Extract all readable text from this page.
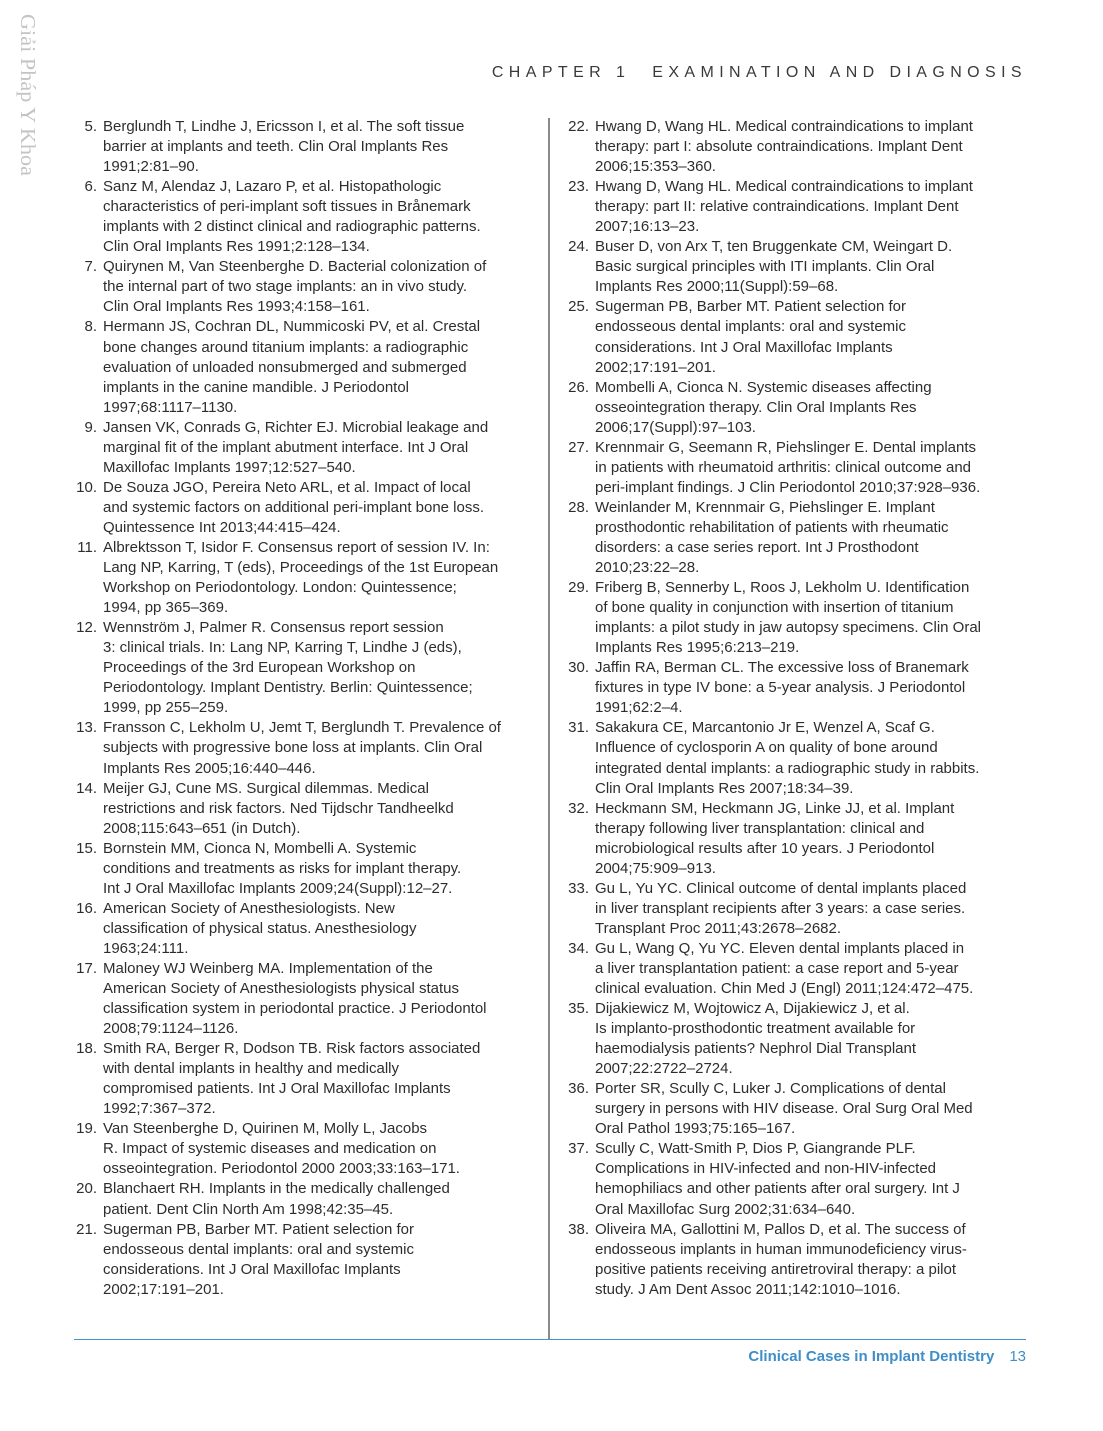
Giải Pháp Y Khoa	CHAPTER 1 EXAMINATION AND DIAGNOSIS
5. Berglundh T, Lindhe J, Ericsson I, et al. The soft tissue
barrier at implants and teeth. Clin Oral Implants Res
1991;2:81–90.
6. Sanz M, Alendaz J, Lazaro P, et al. Histopathologic
characteristics of peri-implant soft tissues in Brånemark
implants with 2 distinct clinical and radiographic patterns.
Clin Oral Implants Res 1991;2:128–134.
7. Quirynen M, Van Steenberghe D. Bacterial colonization of
the internal part of two stage implants: an in vivo study.
Clin Oral Implants Res 1993;4:158–161.
8. Hermann JS, Cochran DL, Nummicoski PV, et al. Crestal
bone changes around titanium implants: a radiographic
evaluation of unloaded nonsubmerged and submerged
implants in the canine mandible. J Periodontol
1997;68:1117–1130.
9. Jansen VK, Conrads G, Richter EJ. Microbial leakage and
marginal fit of the implant abutment interface. Int J Oral
Maxillofac Implants 1997;12:527–540.
10. De Souza JGO, Pereira Neto ARL, et al. Impact of local
and systemic factors on additional peri-implant bone loss.
Quintessence Int 2013;44:415–424.
11. Albrektsson T, Isidor F. Consensus report of session IV. In:
Lang NP, Karring, T (eds), Proceedings of the 1st European
Workshop on Periodontology. London: Quintessence;
1994, pp 365–369.
12. Wennström J, Palmer R. Consensus report session
3: clinical trials. In: Lang NP, Karring T, Lindhe J (eds),
Proceedings of the 3rd European Workshop on
Periodontology. Implant Dentistry. Berlin: Quintessence;
1999, pp 255–259.
13. Fransson C, Lekholm U, Jemt T, Berglundh T. Prevalence of
subjects with progressive bone loss at implants. Clin Oral
Implants Res 2005;16:440–446.
14. Meijer GJ, Cune MS. Surgical dilemmas. Medical
restrictions and risk factors. Ned Tijdschr Tandheelkd
2008;115:643–651 (in Dutch).
15. Bornstein MM, Cionca N, Mombelli A. Systemic
conditions and treatments as risks for implant therapy.
Int J Oral Maxillofac Implants 2009;24(Suppl):12–27.
16. American Society of Anesthesiologists. New
classification of physical status. Anesthesiology
1963;24:111.
17. Maloney WJ Weinberg MA. Implementation of the
American Society of Anesthesiologists physical status
classification system in periodontal practice. J Periodontol
2008;79:1124–1126.
18. Smith RA, Berger R, Dodson TB. Risk factors associated
with dental implants in healthy and medically
compromised patients. Int J Oral Maxillofac Implants
1992;7:367–372.
19. Van Steenberghe D, Quirinen M, Molly L, Jacobs
R. Impact of systemic diseases and medication on
osseointegration. Periodontol 2000 2003;33:163–171.
20. Blanchaert RH. Implants in the medically challenged
patient. Dent Clin North Am 1998;42:35–45.
21. Sugerman PB, Barber MT. Patient selection for
endosseous dental implants: oral and systemic
considerations. Int J Oral Maxillofac Implants
2002;17:191–201.
22. Hwang D, Wang HL. Medical contraindications to implant
therapy: part I: absolute contraindications. Implant Dent
2006;15:353–360.
23. Hwang D, Wang HL. Medical contraindications to implant
therapy: part II: relative contraindications. Implant Dent
2007;16:13–23.
24. Buser D, von Arx T, ten Bruggenkate CM, Weingart D.
Basic surgical principles with ITI implants. Clin Oral
Implants Res 2000;11(Suppl):59–68.
25. Sugerman PB, Barber MT. Patient selection for
endosseous dental implants: oral and systemic
considerations. Int J Oral Maxillofac Implants
2002;17:191–201.
26. Mombelli A, Cionca N. Systemic diseases affecting
osseointegration therapy. Clin Oral Implants Res
2006;17(Suppl):97–103.
27. Krennmair G, Seemann R, Piehslinger E. Dental implants
in patients with rheumatoid arthritis: clinical outcome and
peri-implant findings. J Clin Periodontol 2010;37:928–936.
28. Weinlander M, Krennmair G, Piehslinger E. Implant
prosthodontic rehabilitation of patients with rheumatic
disorders: a case series report. Int J Prosthodont
2010;23:22–28.
29. Friberg B, Sennerby L, Roos J, Lekholm U. Identification
of bone quality in conjunction with insertion of titanium
implants: a pilot study in jaw autopsy specimens. Clin Oral
Implants Res 1995;6:213–219.
30. Jaffin RA, Berman CL. The excessive loss of Branemark
fixtures in type IV bone: a 5-year analysis. J Periodontol
1991;62:2–4.
31. Sakakura CE, Marcantonio Jr E, Wenzel A, Scaf G.
Influence of cyclosporin A on quality of bone around
integrated dental implants: a radiographic study in rabbits.
Clin Oral Implants Res 2007;18:34–39.
32. Heckmann SM, Heckmann JG, Linke JJ, et al. Implant
therapy following liver transplantation: clinical and
microbiological results after 10 years. J Periodontol
2004;75:909–913.
33. Gu L, Yu YC. Clinical outcome of dental implants placed
in liver transplant recipients after 3 years: a case series.
Transplant Proc 2011;43:2678–2682.
34. Gu L, Wang Q, Yu YC. Eleven dental implants placed in
a liver transplantation patient: a case report and 5-year
clinical evaluation. Chin Med J (Engl) 2011;124:472–475.
35. Dijakiewicz M, Wojtowicz A, Dijakiewicz J, et al.
Is implanto-prosthodontic treatment available for
haemodialysis patients? Nephrol Dial Transplant
2007;22:2722–2724.
36. Porter SR, Scully C, Luker J. Complications of dental
surgery in persons with HIV disease. Oral Surg Oral Med
Oral Pathol 1993;75:165–167.
37. Scully C, Watt-Smith P, Dios P, Giangrande PLF.
Complications in HIV-infected and non-HIV-infected
hemophiliacs and other patients after oral surgery. Int J
Oral Maxillofac Surg 2002;31:634–640.
38. Oliveira MA, Gallottini M, Pallos D, et al. The success of
endosseous implants in human immunodeficiency virus-
positive patients receiving antiretroviral therapy: a pilot
study. J Am Dent Assoc 2011;142:1010–1016.
Clinical Cases in Implant Dentistry 13
